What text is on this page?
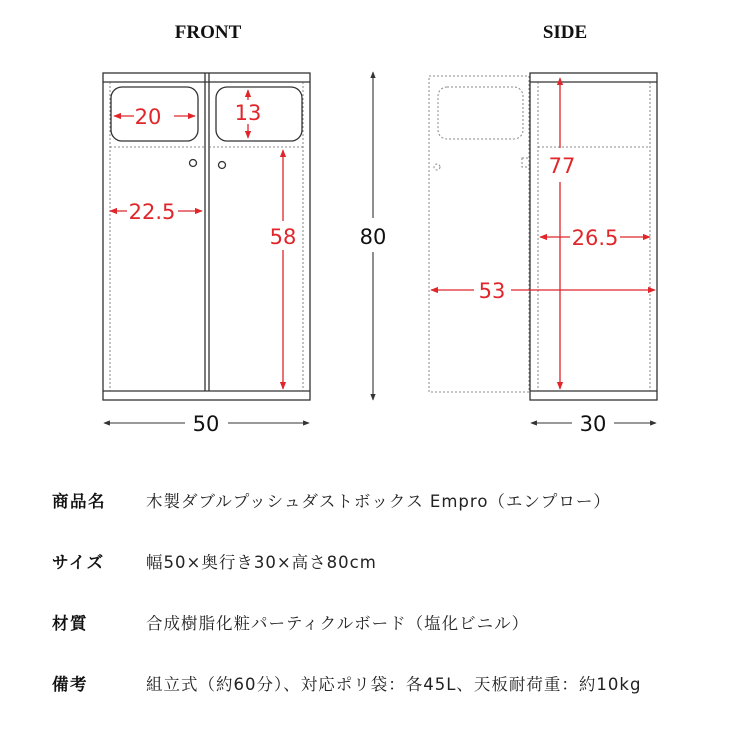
FRONT	SIDE
20	13
22.5
58	80
50
77
26.5
53
30
商品名	木製ダブルプッシュダストボックス Empro（エンプロー）
サイズ	幅50×奥行き30×高さ80cm
材質	合成樹脂化粧パーティクルボード（塩化ビニル）
備考	組立式（約60分）、対応ポリ袋：各45L、天板耐荷重：約10kg
